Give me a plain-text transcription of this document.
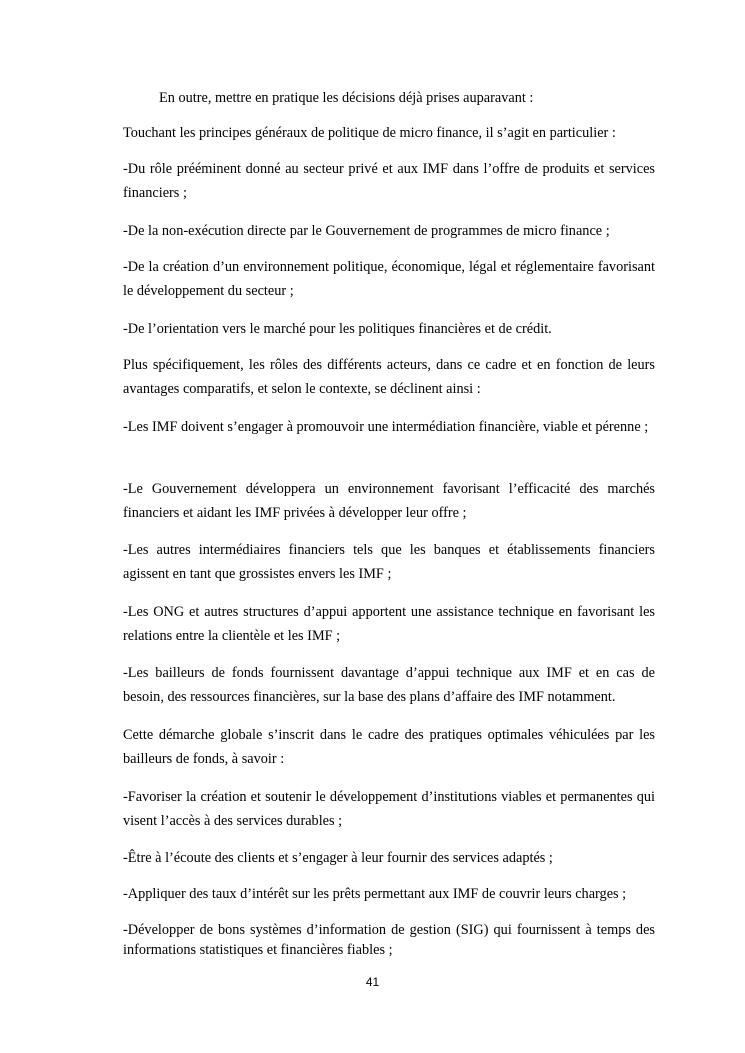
En outre, mettre en pratique les décisions déjà prises auparavant :

Touchant les principes généraux de politique de micro finance, il s’agit en particulier :

-Du rôle prééminent donné au secteur privé et aux IMF dans l’offre de produits et services financiers ;

-De la non-exécution directe par le Gouvernement de programmes de micro finance ;

-De la création d’un environnement politique, économique, légal et réglementaire favorisant le développement du secteur ;

-De l’orientation vers le marché pour les politiques financières et de crédit.

Plus spécifiquement, les rôles des différents acteurs, dans ce cadre et en fonction de leurs avantages comparatifs, et selon le contexte, se déclinent ainsi :

-Les IMF doivent s’engager à promouvoir une intermédiation financière, viable et pérenne ;

-Le Gouvernement développera un environnement favorisant l’efficacité des marchés financiers et aidant les IMF privées à développer leur offre ;

-Les autres intermédiaires financiers tels que les banques et établissements financiers agissent en tant que grossistes envers les IMF ;

-Les ONG et autres structures d’appui apportent une assistance technique en favorisant les relations entre la clientèle et les IMF ;

-Les bailleurs de fonds fournissent davantage d’appui technique aux IMF et en cas de besoin, des ressources financières, sur la base des plans d’affaire des IMF notamment.

Cette démarche globale s’inscrit dans le cadre des pratiques optimales véhiculées par les bailleurs de fonds, à savoir :

-Favoriser la création et soutenir le développement d’institutions viables et permanentes qui visent l’accès à des services durables ;

-Être à l’écoute des clients et s’engager à leur fournir des services adaptés ;

-Appliquer des taux d’intérêt sur les prêts permettant aux IMF de couvrir leurs charges ;

-Développer de bons systèmes d’information de gestion (SIG) qui fournissent à temps des informations statistiques et financières fiables ;

41
